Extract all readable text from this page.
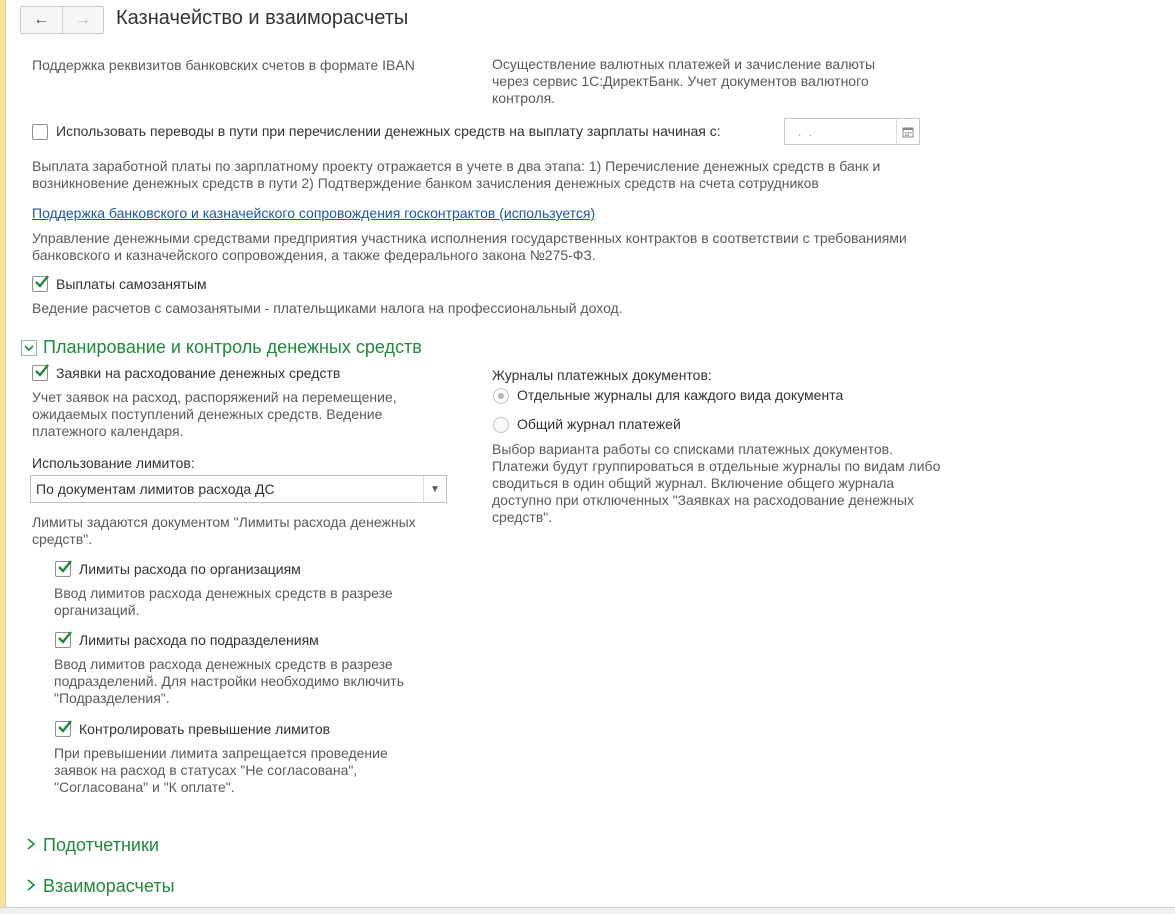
← → Казначейство и взаиморасчеты
Поддержка реквизитов банковских счетов в формате IBAN	Осуществление валютных платежей и зачисление валюты через сервис 1С:ДиректБанк. Учет документов валютного контроля.
Использовать переводы в пути при перечислении денежных средств на выплату зарплаты начиная с:	. .
Выплата заработной платы по зарплатному проекту отражается в учете в два этапа: 1) Перечисление денежных средств в банк и возникновение денежных средств в пути 2) Подтверждение банком зачисления денежных средств на счета сотрудников
Поддержка банковского и казначейского сопровождения госконтрактов (используется)
Управление денежными средствами предприятия участника исполнения государственных контрактов в соответствии с требованиями банковского и казначейского сопровождения, а также федерального закона №275-ФЗ.
Выплаты самозанятым
Ведение расчетов с самозанятыми - плательщиками налога на профессиональный доход.
Планирование и контроль денежных средств
Заявки на расходование денежных средств
Учет заявок на расход, распоряжений на перемещение, ожидаемых поступлений денежных средств. Ведение платежного календаря.
Использование лимитов:
По документам лимитов расхода ДС	▼
Лимиты задаются документом "Лимиты расхода денежных средств".
Лимиты расхода по организациям
Ввод лимитов расхода денежных средств в разрезе организаций.
Лимиты расхода по подразделениям
Ввод лимитов расхода денежных средств в разрезе подразделений. Для настройки необходимо включить "Подразделения".
Контролировать превышение лимитов
При превышении лимита запрещается проведение заявок на расход в статусах "Не согласована", "Согласована" и "К оплате".
Журналы платежных документов:
Отдельные журналы для каждого вида документа
Общий журнал платежей
Выбор варианта работы со списками платежных документов. Платежи будут группироваться в отдельные журналы по видам либо сводиться в один общий журнал. Включение общего журнала доступно при отключенных "Заявках на расходование денежных средств".
Подотчетники
Взаиморасчеты
